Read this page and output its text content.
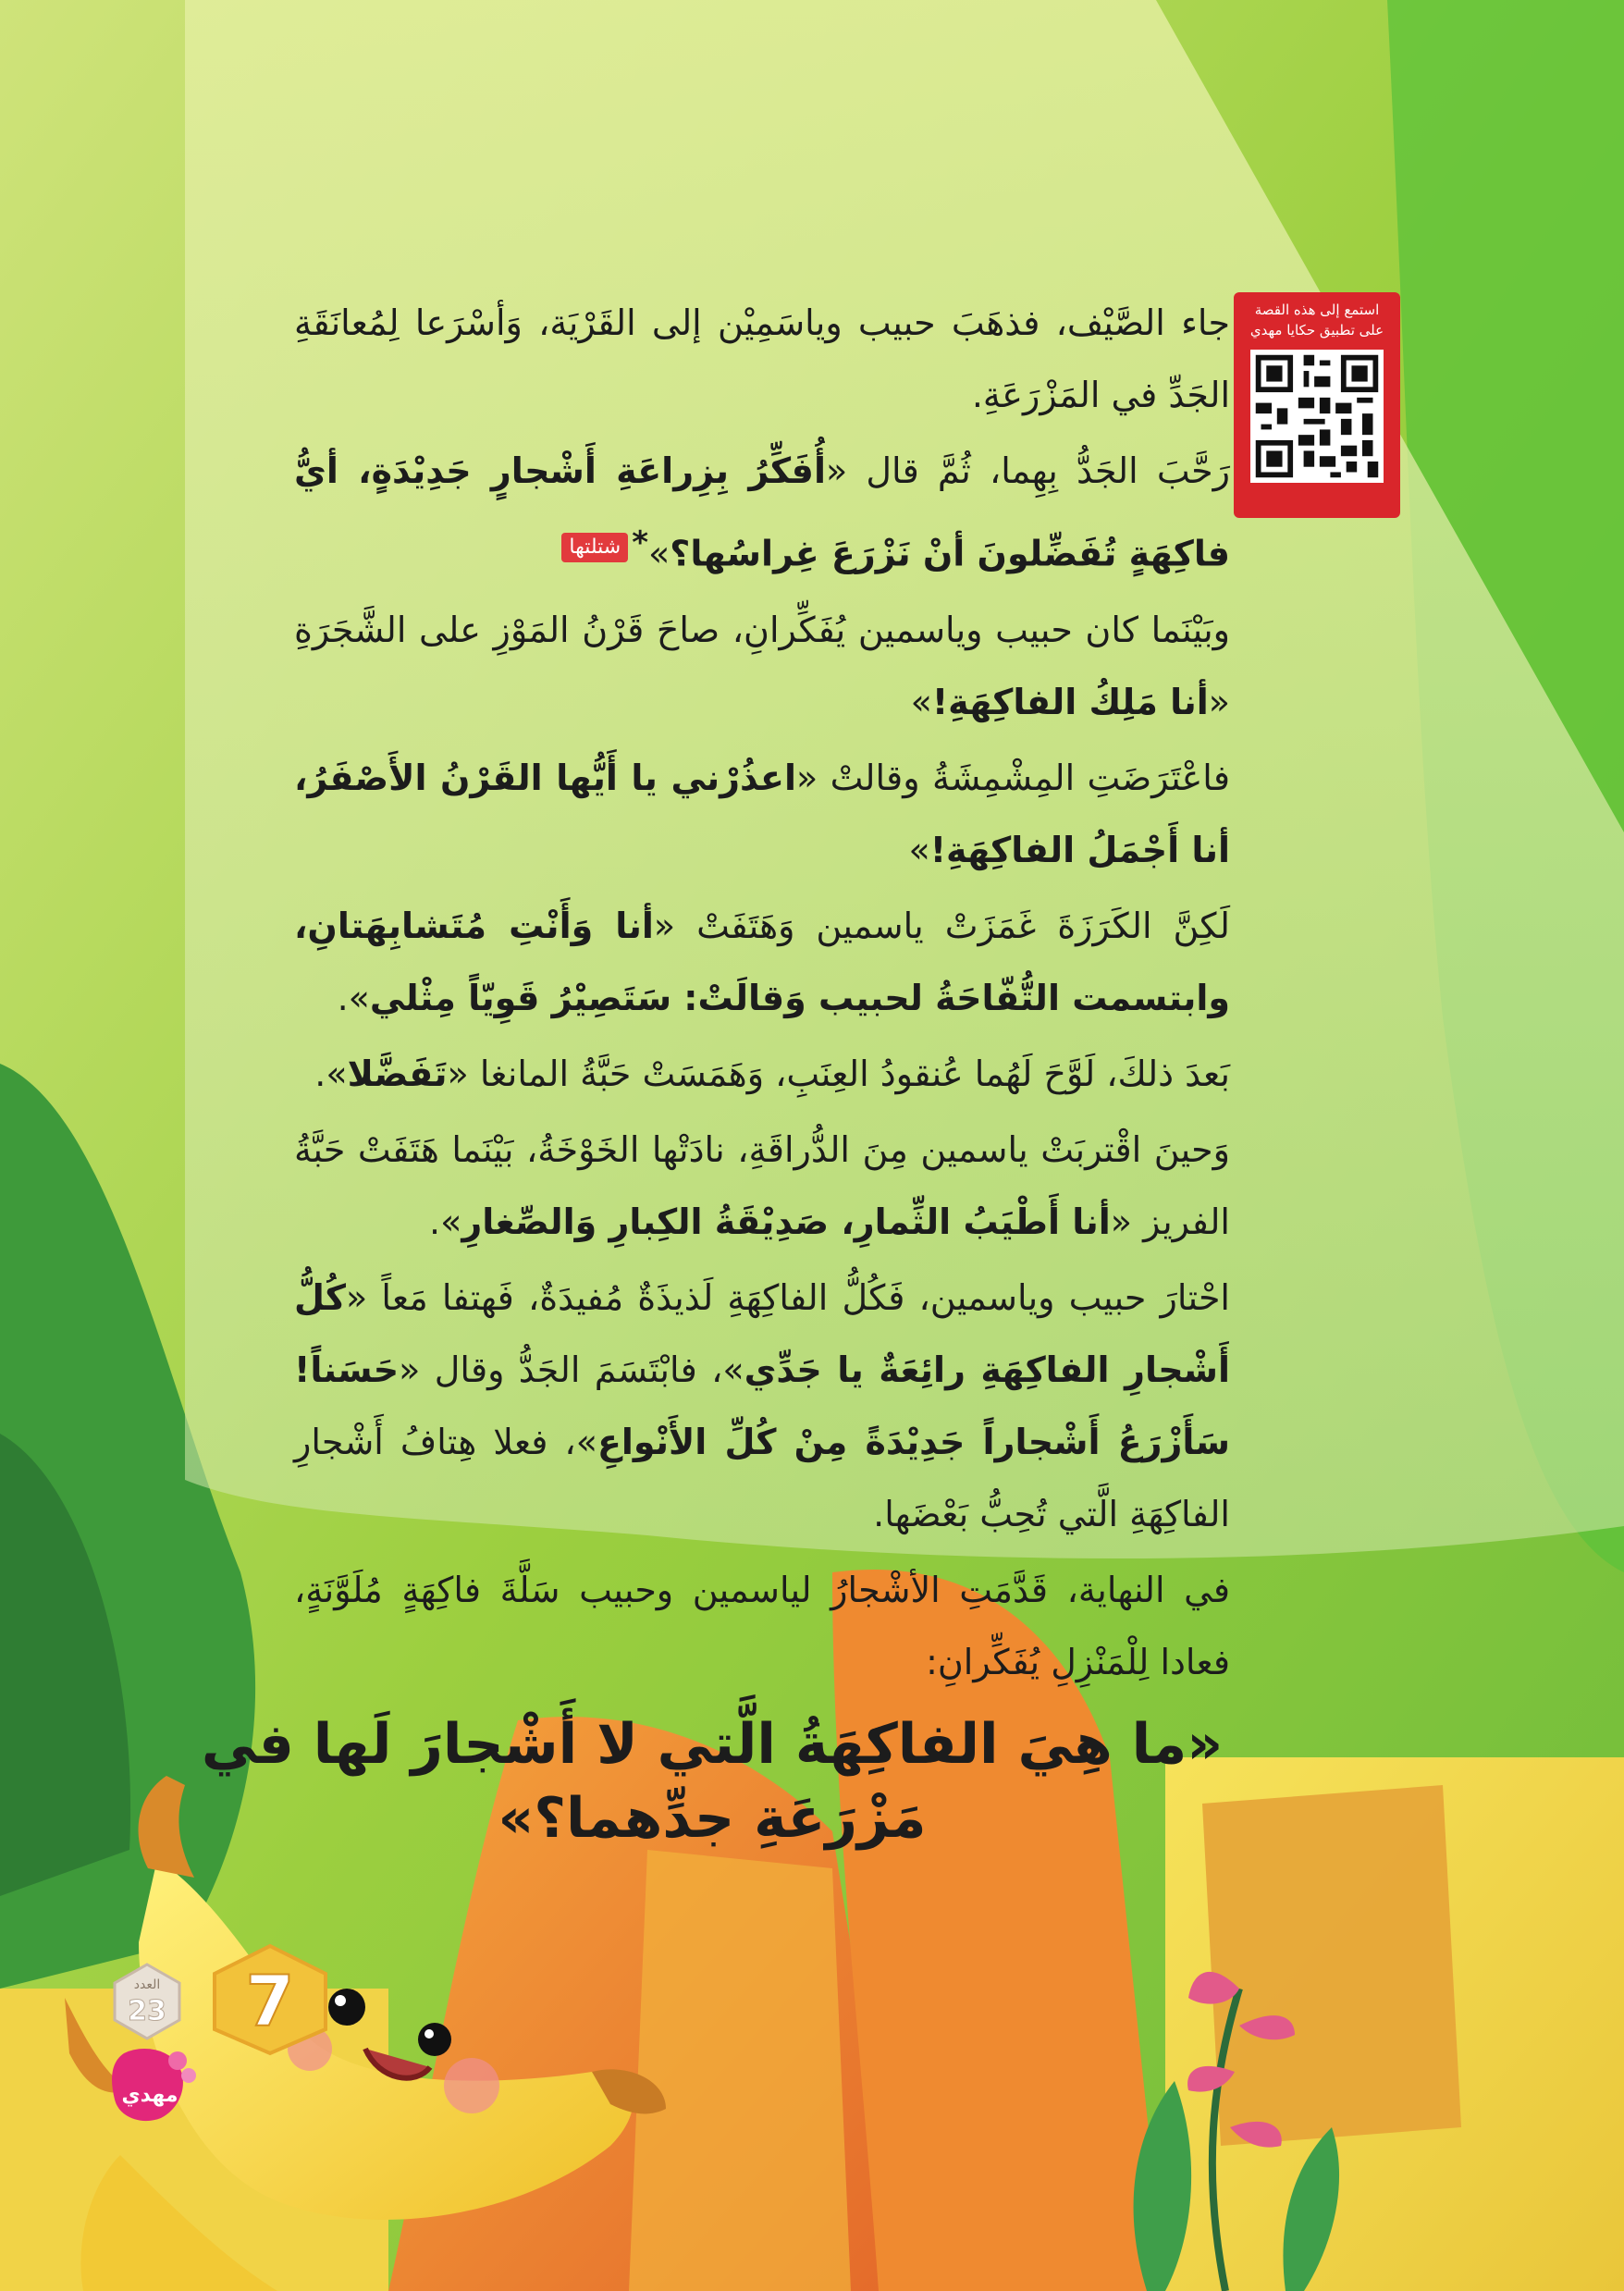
استمع إلى هذه القصة
على تطبيق حكايا مهدي

جاء الصَّيْف، فذهَبَ حبيب وياسَمِيْن إلى القَرْيَة، وَأسْرَعا لِمُعانَقَةِ الجَدِّ في المَزْرَعَةِ.

رَحَّبَ الجَدُّ بِهِما، ثُمَّ قال «أُفَكِّرُ بِزِراعَةِ أَشْجارٍ جَدِيْدَةٍ، أيُّ فاكِهَةٍ تُفَضِّلونَ أنْ نَزْرَعَ غِراسُها؟»*شتلتها

وبَيْنَما كان حبيب وياسمين يُفَكِّرانِ، صاحَ قَرْنُ المَوْزِ على الشَّجَرَةِ «أنا مَلِكُ الفاكِهَةِ!»

فاعْتَرَضَتِ المِشْمِشَةُ وقالتْ «اعذُرْني يا أَيُّها القَرْنُ الأَصْفَرُ، أنا أَجْمَلُ الفاكِهَةِ!»

لَكِنَّ الكَرَزَةَ غَمَزَتْ ياسمين وَهَتَفَتْ «أنا وَأَنْتِ مُتَشابِهَتانِ، وابتسمت التُّفّاحَةُ لحبيب وَقالَتْ: سَتَصِيْرُ قَوِيّاً مِثْلي».

بَعدَ ذلكَ، لَوَّحَ لَهُما عُنقودُ العِنَبِ، وَهَمَسَتْ حَبَّةُ المانغا «تَفَضَّلا».

وَحينَ اقْتربَتْ ياسمين مِنَ الدُّراقَةِ، نادَتْها الخَوْخَةُ، بَيْنَما هَتَفَتْ حَبَّةُ الفريز «أنا أَطْيَبُ الثِّمارِ، صَدِيْقَةُ الكِبارِ وَالصِّغارِ».

احْتارَ حبيب وياسمين، فَكُلُّ الفاكِهَةِ لَذيذَةٌ مُفيدَةٌ، فَهتفا مَعاً «كُلُّ أَشْجارِ الفاكِهَةِ رائِعَةٌ يا جَدِّي»، فابْتَسَمَ الجَدُّ وقال «حَسَناً! سَأَزْرَعُ أَشْجاراً جَدِيْدَةً مِنْ كُلِّ الأَنْواعِ»، فعلا هِتافُ أَشْجارِ الفاكِهَةِ الَّتي تُحِبُّ بَعْضَها.

في النهاية، قَدَّمَتِ الأشْجارُ لياسمين وحبيب سَلَّةَ فاكِهَةٍ مُلَوَّنَةٍ، فعادا لِلْمَنْزِلِ يُفَكِّرانِ:

«ما هِيَ الفاكِهَةُ الَّتي لا أَشْجارَ لَها في مَزْرَعَةِ جدِّهما؟»
العدد
23 7
مهدي
